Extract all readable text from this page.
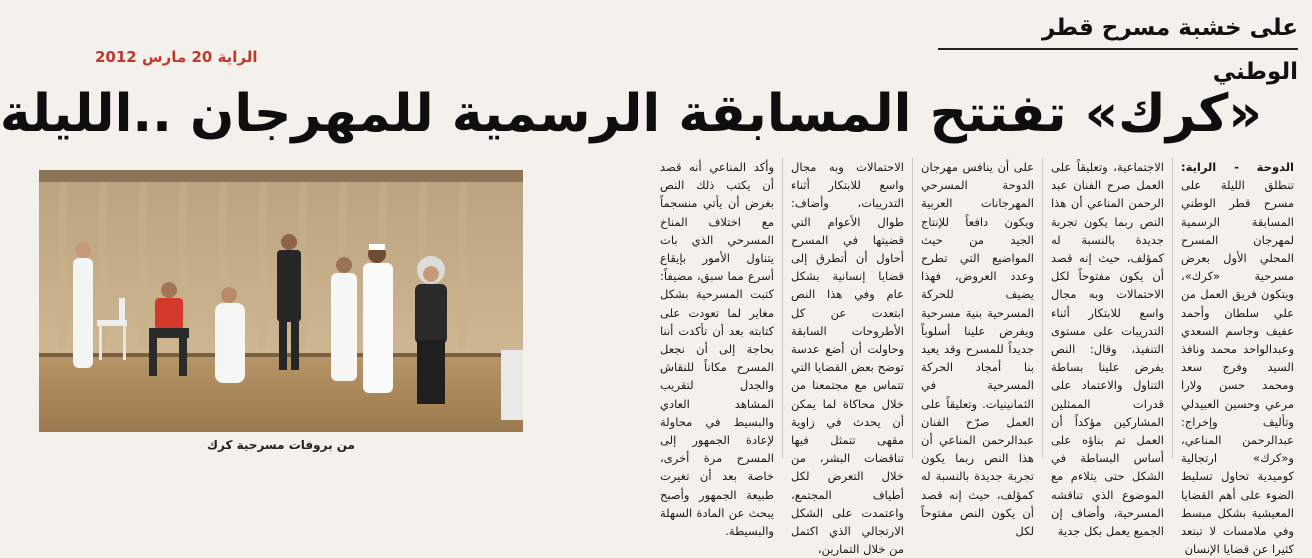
على خشبة مسرح قطر الوطني
الراية 20 مارس 2012
«كرك» تفتتح المسابقة الرسمية للمهرجان ..الليلة
الدوحة - الراية: تنطلق الليلة على مسرح قطر الوطني المسابقة الرسمية لمهرجان المسرح المحلي الأول بعرض مسرحية «كرك»، ويتكون فريق العمل من علي سلطان وأحمد عفيف وجاسم السعدي وعبدالواحد محمد ونافذ السيد وفرج سعد ومحمد حسن ولارا مرعي وحسين العبيدلي وتأليف وإخراج: عبدالرحمن المناعي، و«كرك» ارتجالية كوميدية تحاول تسليط الضوء على أهم القضايا المعيشية بشكل مبسط وفي ملامسات لا تبتعد كثيرا عن قضايا الإنسان
الاجتماعية، وتعليقاً على العمل صرح الفنان عبد الرحمن المناعي أن هذا النص ربما يكون تجربة جديدة بالنسبة له كمؤلف، حيث إنه قصد أن يكون مفتوحاً لكل الاحتمالات وبه مجال واسع للابتكار أثناء التدريبات على مستوى التنفيذ، وقال: النص يفرض علينا بساطة التناول والاعتماد على قدرات الممثلين المشاركين مؤكداً أن العمل تم بناؤه على أساس البساطة في الشكل حتى يتلاءم مع الموضوع الذي تناقشه المسرحية، وأضاف إن الجميع يعمل بكل جدية
على أن ينافس مهرجان الدوحة المسرحي المهرجانات العربية ويكون دافعاً للإنتاج الجيد من حيث المواضيع التي تطرح وعدد العروض، فهذا يضيف للحركة المسرحية بنية مسرحية ويفرض علينا أسلوباً جديداً للمسرح وقد يعيد بنا أمجاد الحركة المسرحية في الثمانينيات. وتعليقاً على العمل صرّح الفنان عبدالرحمن المناعي أن هذا النص ربما يكون تجربة جديدة بالنسبة له كمؤلف، حيث إنه قصد أن يكون النص مفتوحاً لكل
الاحتمالات وبه مجال واسع للابتكار أثناء التدريبات، وأضاف: طوال الأعوام التي قضيتها في المسرح أحاول أن أتطرق إلى قضايا إنسانية بشكل عام وفي هذا النص ابتعدت عن كل الأطروحات السابقة وحاولت أن أضع عدسة توضح بعض القضايا التي تتماس مع مجتمعنا من خلال محاكاة لما يمكن أن يحدث في زاوية مقهى تتمثل فيها تناقضات البشر، من خلال التعرض لكل أطياف المجتمع، واعتمدت على الشكل الارتجالي الذي اكتمل من خلال التمارين،
وأكد المناعي أنه قصد أن يكتب ذلك النص بغرض أن يأتي منسجماً مع اختلاف المناخ المسرحي الذي بات يتناول الأمور بإيقاع أسرع مما سبق، مضيفاً: كتبت المسرحية بشكل مغاير لما تعودت على كتابته بعد أن تأكدت أننا بحاجة إلى أن نجعل المسرح مكاناً للنقاش والجدل لتقريب المشاهد العادي والبسيط في محاولة لإعادة الجمهور إلى المسرح مرة أخرى، خاصة بعد أن تغيرت طبيعة الجمهور وأصبح يبحث عن المادة السهلة والبسيطة.
من بروفات مسرحية كرك
